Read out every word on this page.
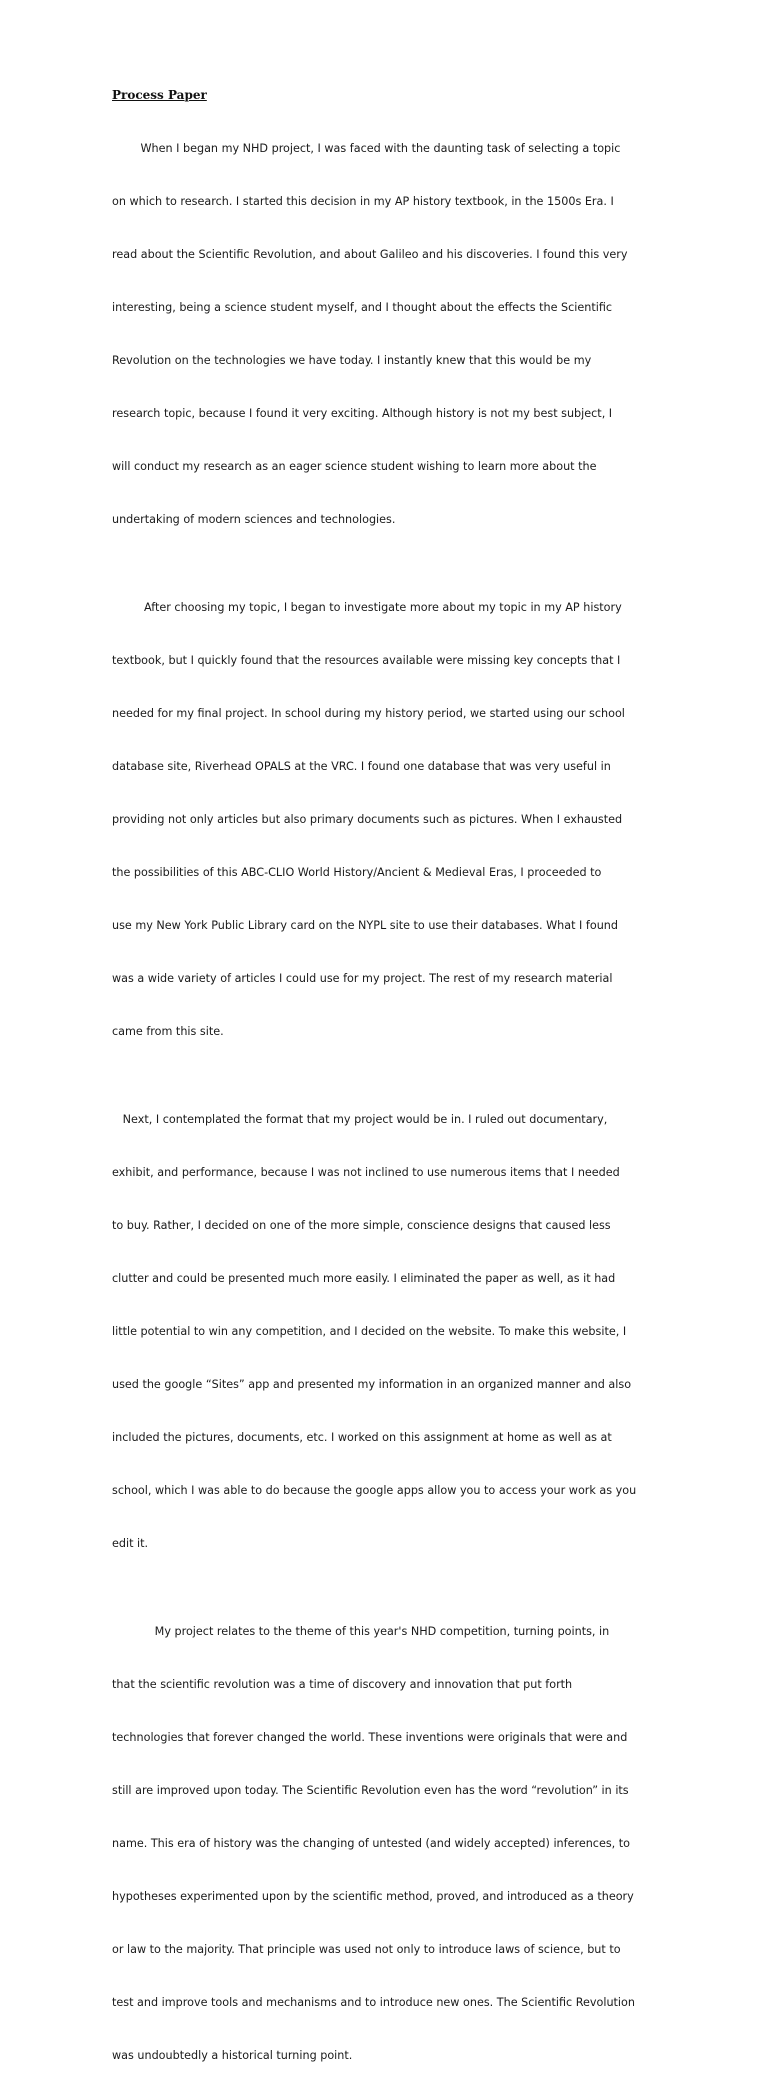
Process Paper

When I began my NHD project, I was faced with the daunting task of selecting a topic

on which to research. I started this decision in my AP history textbook, in the 1500s Era. I

read about the Scientific Revolution, and about Galileo and his discoveries. I found this very

interesting, being a science student myself, and I thought about the effects the Scientific

Revolution on the technologies we have today. I instantly knew that this would be my

research topic, because I found it very exciting. Although history is not my best subject, I

will conduct my research as an eager science student wishing to learn more about the

undertaking of modern sciences and technologies.

After choosing my topic, I began to investigate more about my topic in my AP history

textbook, but I quickly found that the resources available were missing key concepts that I

needed for my final project. In school during my history period, we started using our school

database site, Riverhead OPALS at the VRC. I found one database that was very useful in

providing not only articles but also primary documents such as pictures. When I exhausted

the possibilities of this ABC-CLIO World History/Ancient & Medieval Eras, I proceeded to

use my New York Public Library card on the NYPL site to use their databases. What I found

was a wide variety of articles I could use for my project. The rest of my research material

came from this site.

Next, I contemplated the format that my project would be in. I ruled out documentary,

exhibit, and performance, because I was not inclined to use numerous items that I needed

to buy. Rather, I decided on one of the more simple, conscience designs that caused less

clutter and could be presented much more easily. I eliminated the paper as well, as it had

little potential to win any competition, and I decided on the website. To make this website, I

used the google “Sites” app and presented my information in an organized manner and also

included the pictures, documents, etc. I worked on this assignment at home as well as at

school, which I was able to do because the google apps allow you to access your work as you

edit it.

My project relates to the theme of this year's NHD competition, turning points, in

that the scientific revolution was a time of discovery and innovation that put forth

technologies that forever changed the world. These inventions were originals that were and

still are improved upon today. The Scientific Revolution even has the word “revolution” in its

name. This era of history was the changing of untested (and widely accepted) inferences, to

hypotheses experimented upon by the scientific method, proved, and introduced as a theory

or law to the majority. That principle was used not only to introduce laws of science, but to

test and improve tools and mechanisms and to introduce new ones. The Scientific Revolution

was undoubtedly a historical turning point.
